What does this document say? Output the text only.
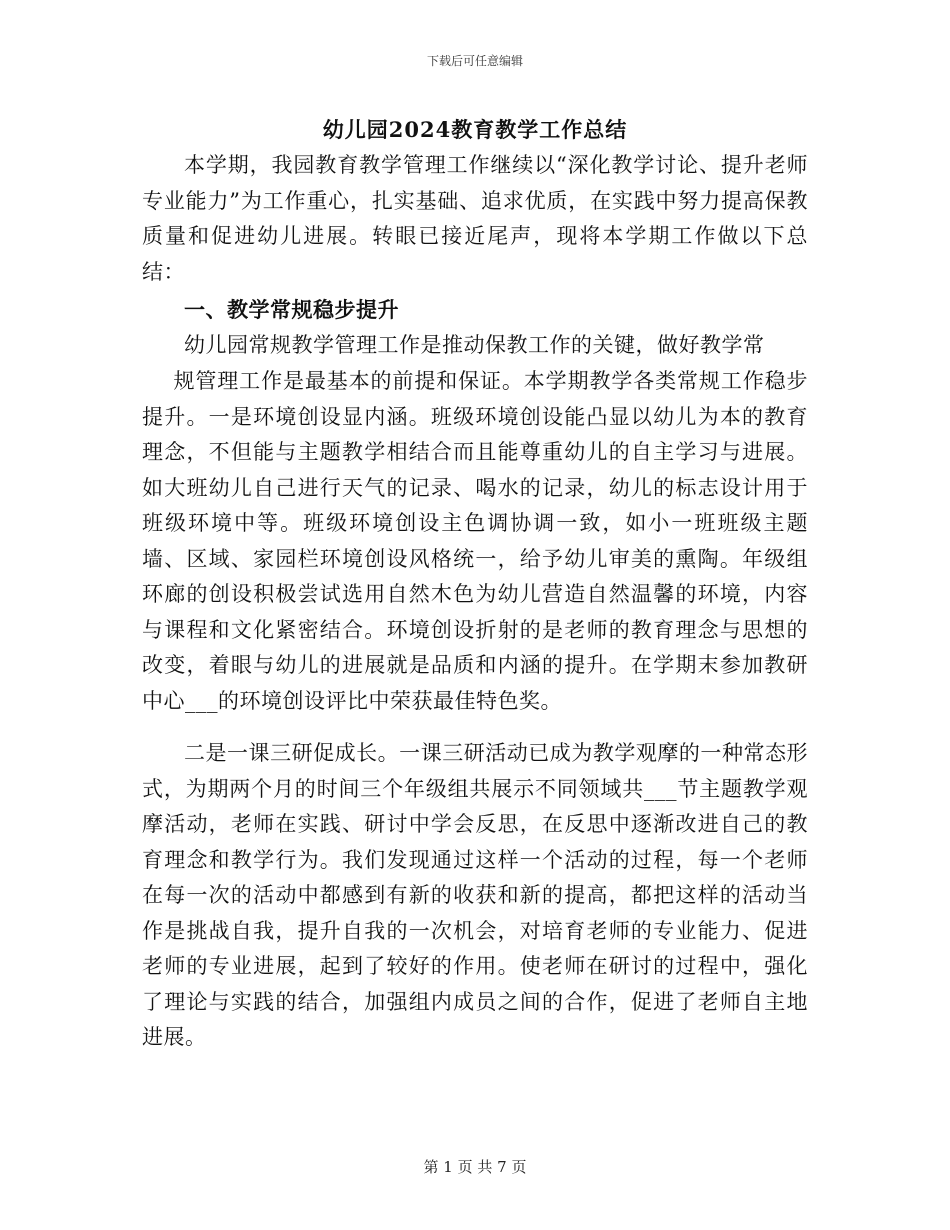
下载后可任意编辑
幼儿园2024教育教学工作总结

本学期，我园教育教学管理工作继续以“深化教学讨论、提升老师专业能力”为工作重心，扎实基础、追求优质，在实践中努力提高保教质量和促进幼儿进展。转眼已接近尾声，现将本学期工作做以下总结：

一、教学常规稳步提升

幼儿园常规教学管理工作是推动保教工作的关键，做好教学常

规管理工作是最基本的前提和保证。本学期教学各类常规工作稳步提升。一是环境创设显内涵。班级环境创设能凸显以幼儿为本的教育理念，不但能与主题教学相结合而且能尊重幼儿的自主学习与进展。如大班幼儿自己进行天气的记录、喝水的记录，幼儿的标志设计用于班级环境中等。班级环境创设主色调协调一致，如小一班班级主题墙、区域、家园栏环境创设风格统一，给予幼儿审美的熏陶。年级组环廊的创设积极尝试选用自然木色为幼儿营造自然温馨的环境，内容与课程和文化紧密结合。环境创设折射的是老师的教育理念与思想的改变，着眼与幼儿的进展就是品质和内涵的提升。在学期末参加教研中心___的环境创设评比中荣获最佳特色奖。

二是一课三研促成长。一课三研活动已成为教学观摩的一种常态形式，为期两个月的时间三个年级组共展示不同领域共___节主题教学观摩活动，老师在实践、研讨中学会反思，在反思中逐渐改进自己的教育理念和教学行为。我们发现通过这样一个活动的过程，每一个老师在每一次的活动中都感到有新的收获和新的提高，都把这样的活动当作是挑战自我，提升自我的一次机会，对培育老师的专业能力、促进老师的专业进展，起到了较好的作用。使老师在研讨的过程中，强化了理论与实践的结合，加强组内成员之间的合作，促进了老师自主地进展。

第 1 页 共 7 页
